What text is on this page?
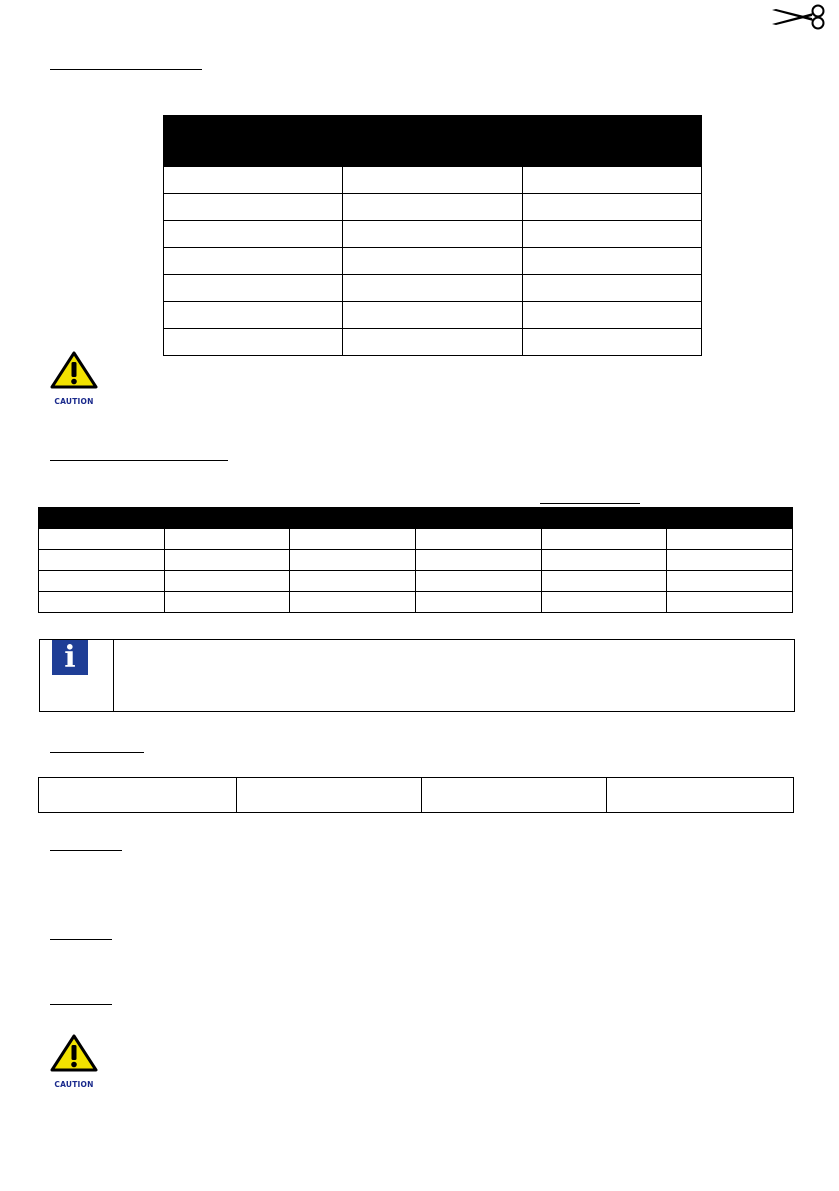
CAUTION

i

CAUTION
